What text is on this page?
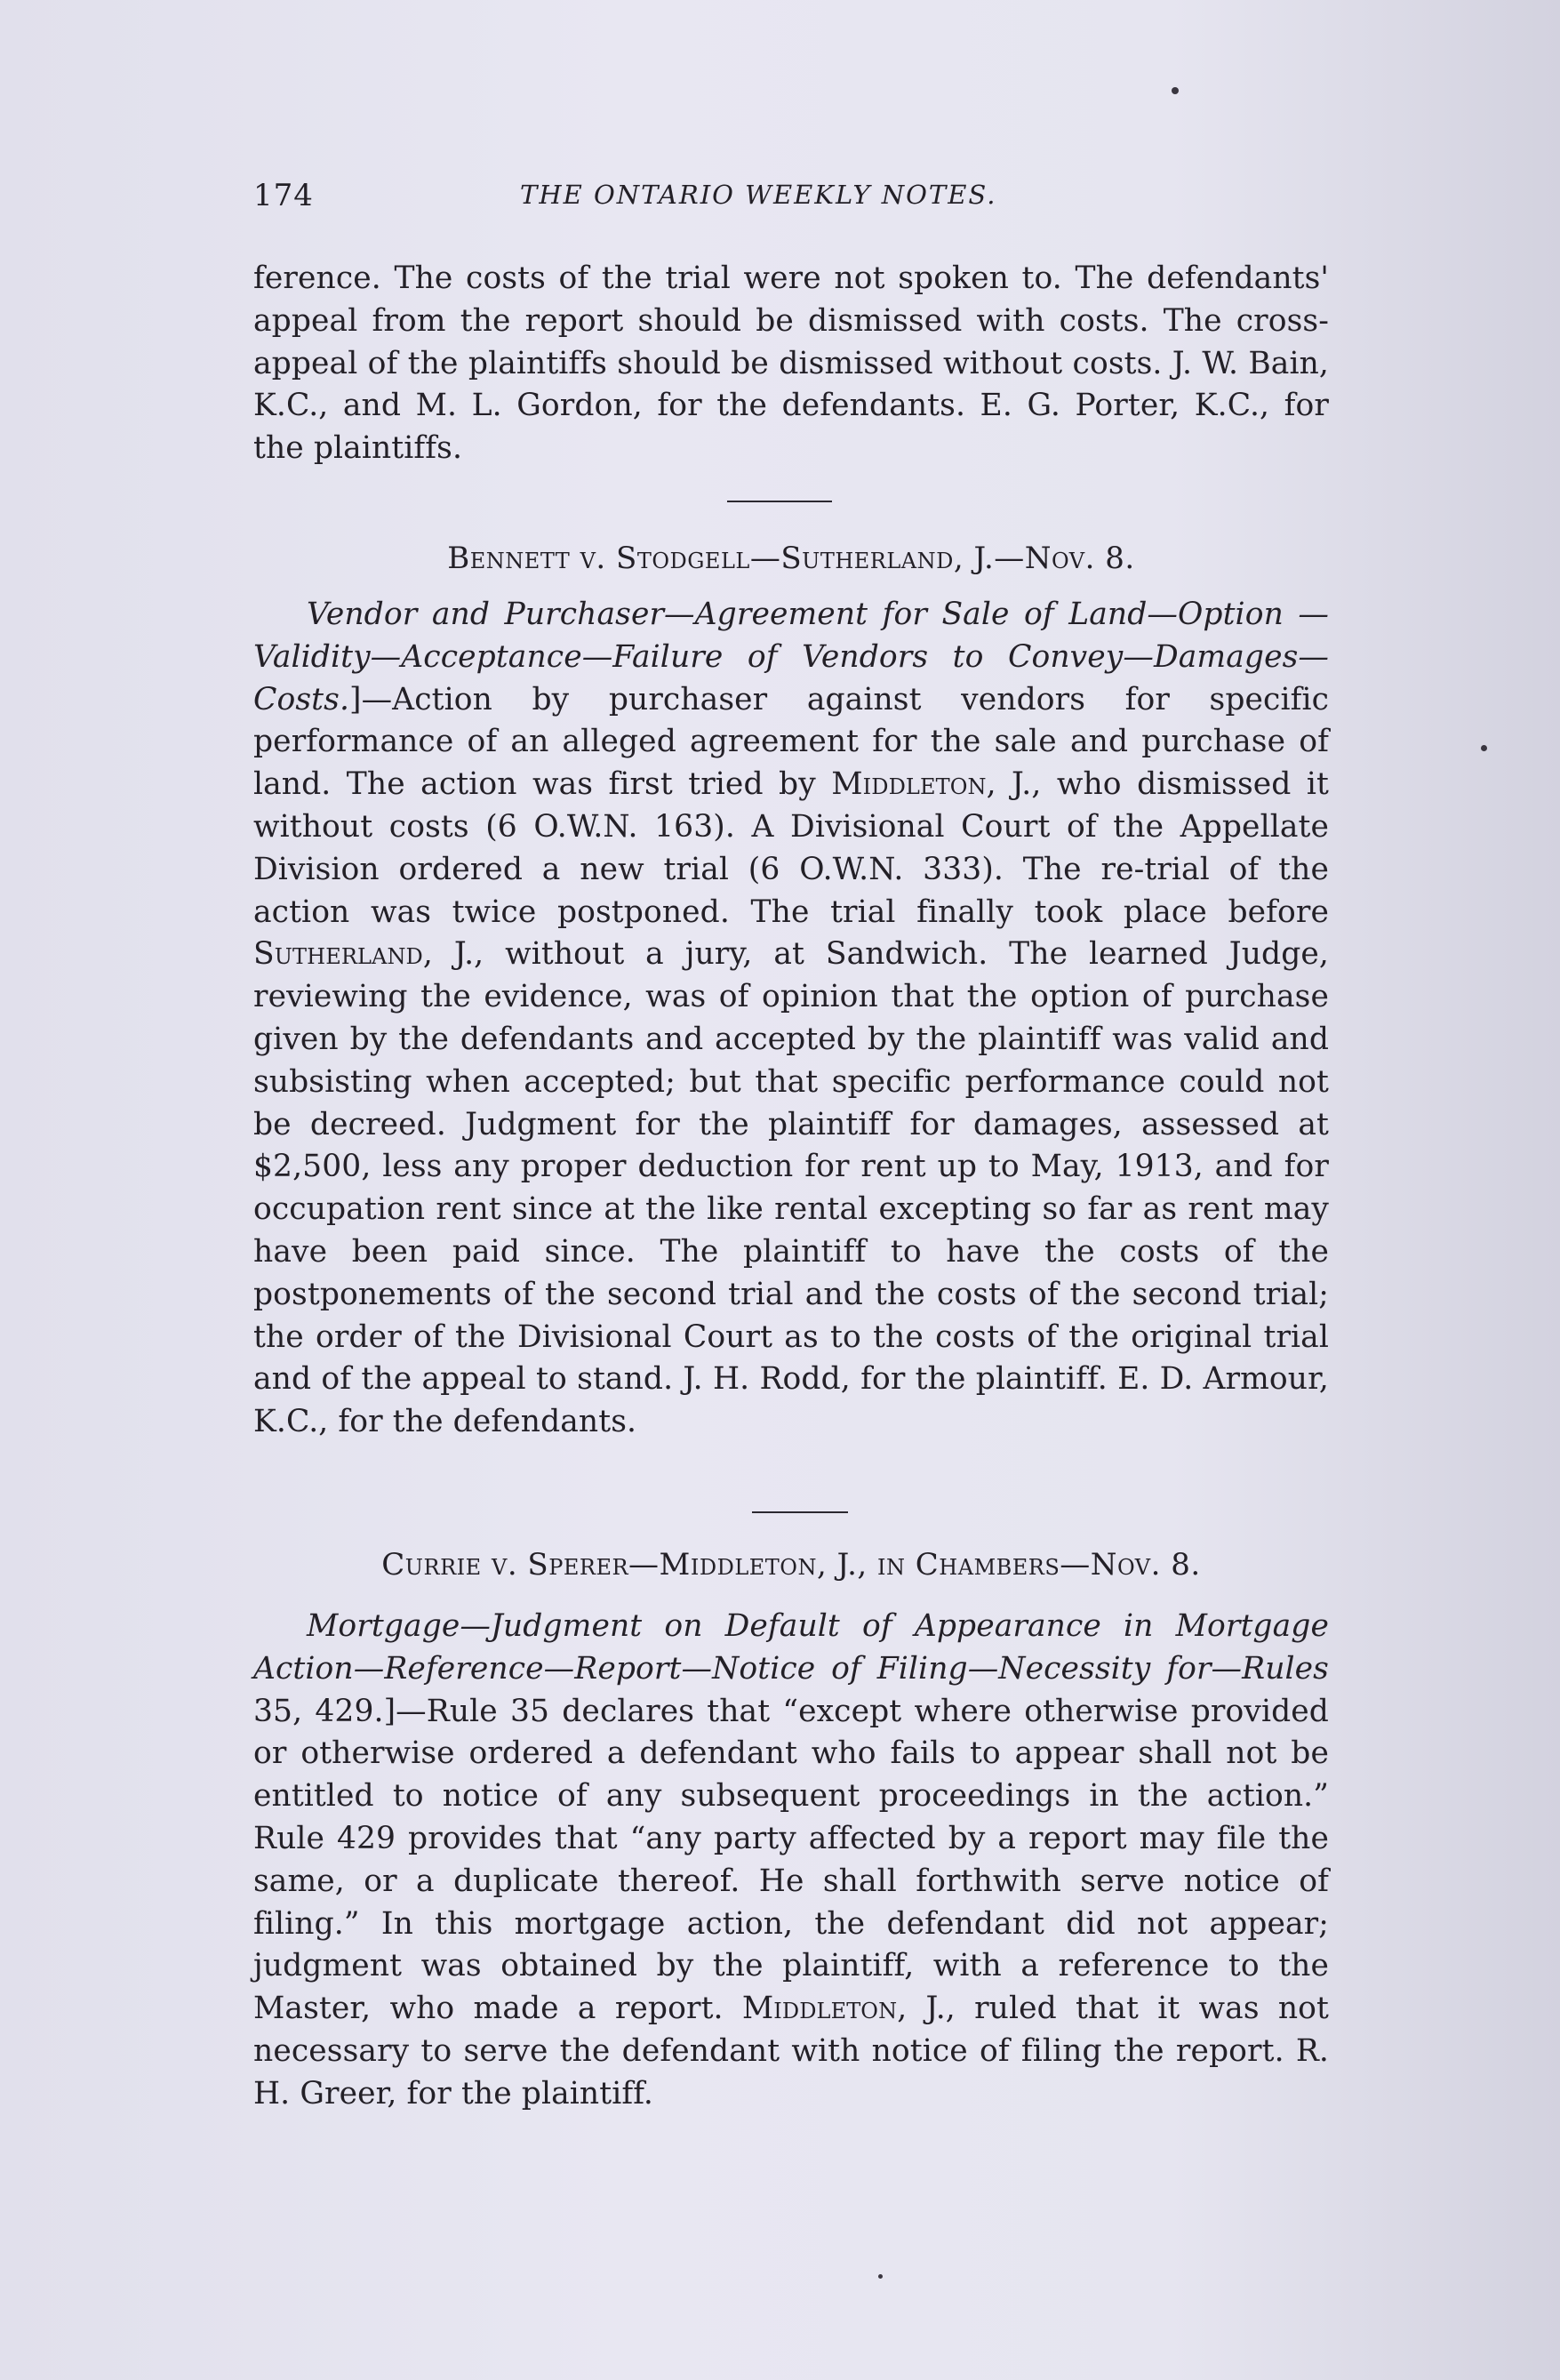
174	THE ONTARIO WEEKLY NOTES.

ference. The costs of the trial were not spoken to. The defendants' appeal from the report should be dismissed with costs. The cross-appeal of the plaintiffs should be dismissed without costs. J. W. Bain, K.C., and M. L. Gordon, for the defendants. E. G. Porter, K.C., for the plaintiffs.

Bennett v. Stodgell—Sutherland, J.—Nov. 8.

Vendor and Purchaser—Agreement for Sale of Land—Option —Validity—Acceptance—Failure of Vendors to Convey—Damages—Costs.]—Action by purchaser against vendors for specific performance of an alleged agreement for the sale and purchase of land. The action was first tried by Middleton, J., who dismissed it without costs (6 O.W.N. 163). A Divisional Court of the Appellate Division ordered a new trial (6 O.W.N. 333). The re-trial of the action was twice postponed. The trial finally took place before Sutherland, J., without a jury, at Sandwich. The learned Judge, reviewing the evidence, was of opinion that the option of purchase given by the defendants and accepted by the plaintiff was valid and subsisting when accepted; but that specific performance could not be decreed. Judgment for the plaintiff for damages, assessed at $2,500, less any proper deduction for rent up to May, 1913, and for occupation rent since at the like rental excepting so far as rent may have been paid since. The plaintiff to have the costs of the postponements of the second trial and the costs of the second trial; the order of the Divisional Court as to the costs of the original trial and of the appeal to stand. J. H. Rodd, for the plaintiff. E. D. Armour, K.C., for the defendants.

Currie v. Sperer—Middleton, J., in Chambers—Nov. 8.

Mortgage—Judgment on Default of Appearance in Mortgage Action—Reference—Report—Notice of Filing—Necessity for—Rules 35, 429.]—Rule 35 declares that “except where otherwise provided or otherwise ordered a defendant who fails to appear shall not be entitled to notice of any subsequent proceedings in the action.” Rule 429 provides that “any party affected by a report may file the same, or a duplicate thereof. He shall forthwith serve notice of filing.” In this mortgage action, the defendant did not appear; judgment was obtained by the plaintiff, with a reference to the Master, who made a report. Middleton, J., ruled that it was not necessary to serve the defendant with notice of filing the report. R. H. Greer, for the plaintiff.
